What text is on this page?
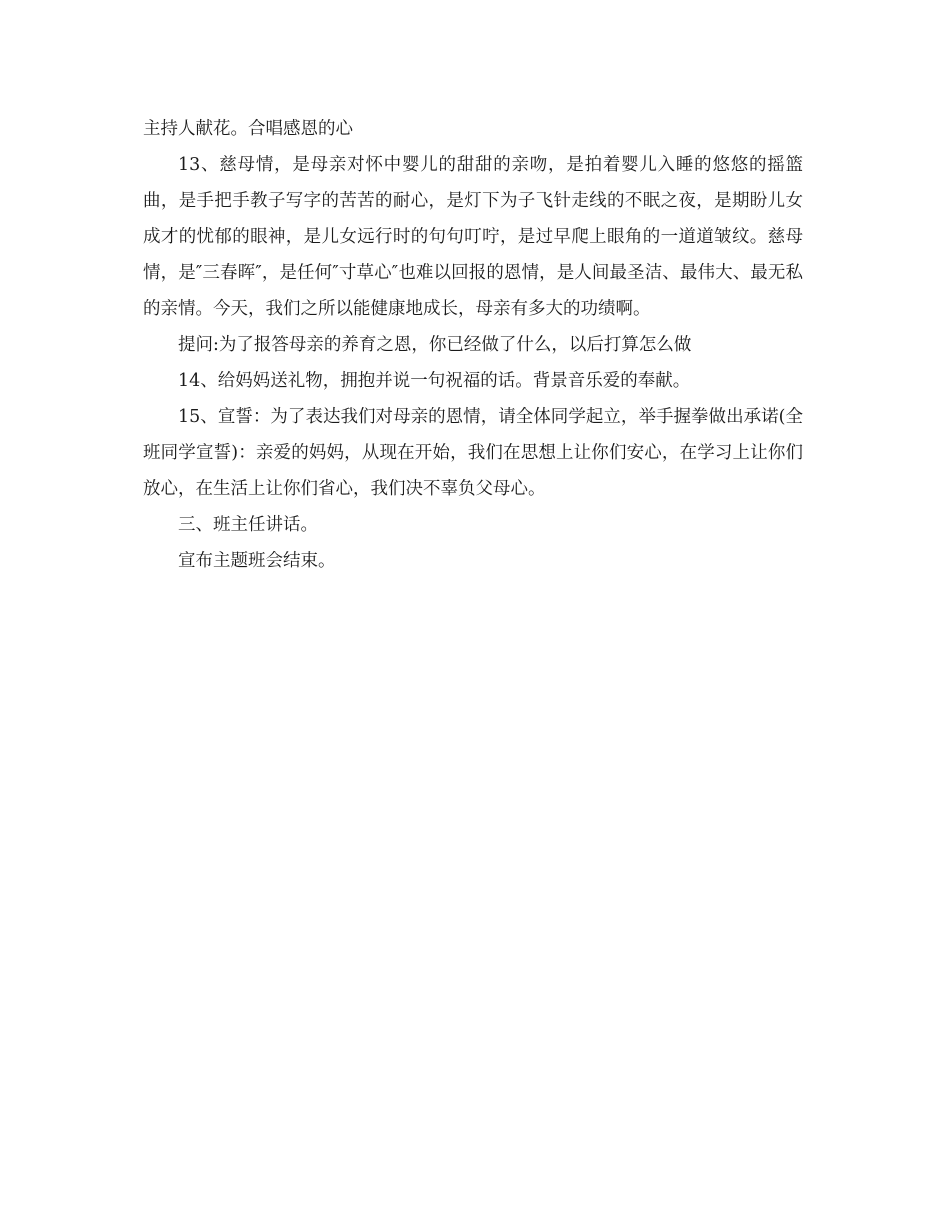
主持人献花。合唱感恩的心

13、慈母情，是母亲对怀中婴儿的甜甜的亲吻，是拍着婴儿入睡的悠悠的摇篮曲，是手把手教子写字的苦苦的耐心，是灯下为子飞针走线的不眠之夜，是期盼儿女成才的忧郁的眼神，是儿女远行时的句句叮咛，是过早爬上眼角的一道道皱纹。慈母情，是″三春晖″，是任何″寸草心″也难以回报的恩情，是人间最圣洁、最伟大、最无私的亲情。今天，我们之所以能健康地成长，母亲有多大的功绩啊。

提问:为了报答母亲的养育之恩，你已经做了什么，以后打算怎么做

14、给妈妈送礼物，拥抱并说一句祝福的话。背景音乐爱的奉献。

15、宣誓：为了表达我们对母亲的恩情，请全体同学起立，举手握拳做出承诺(全班同学宣誓)：亲爱的妈妈，从现在开始，我们在思想上让你们安心，在学习上让你们放心，在生活上让你们省心，我们决不辜负父母心。

三、班主任讲话。

宣布主题班会结束。
